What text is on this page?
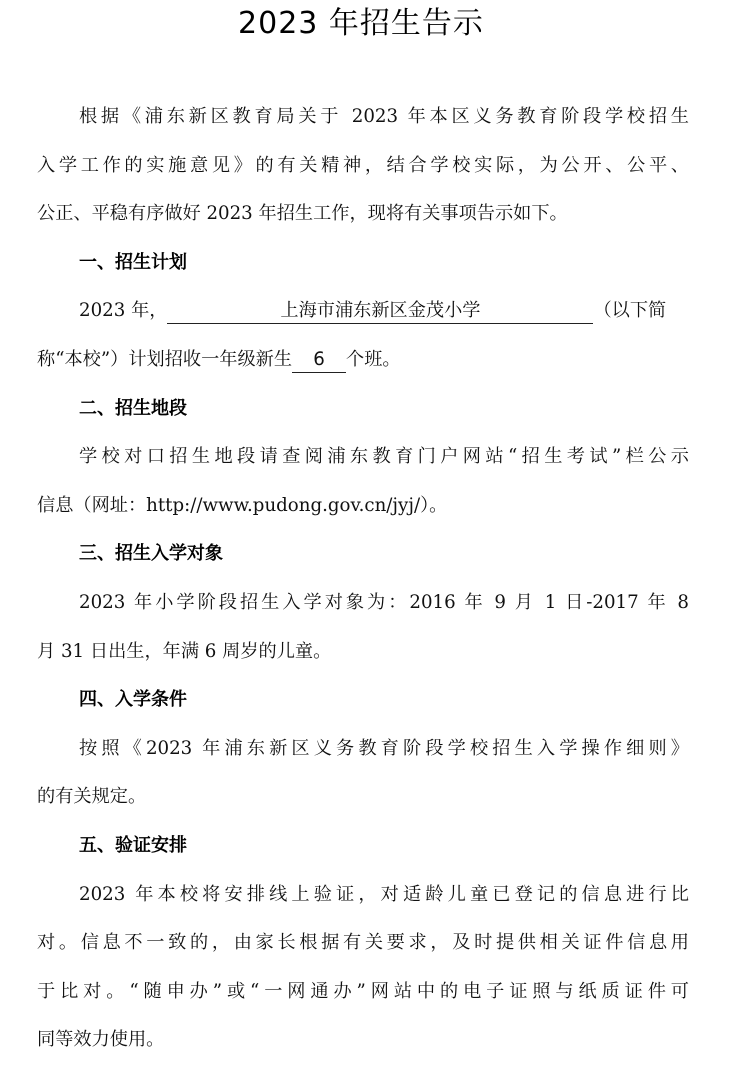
2023 年招生告示
根据《浦东新区教育局关于 2023 年本区义务教育阶段学校招生
入学工作的实施意见》的有关精神，结合学校实际，为公开、公平、
公正、平稳有序做好 2023 年招生工作，现将有关事项告示如下。
一、招生计划
2023 年，	上海市浦东新区金茂小学	（以下简
称“本校”）计划招收一年级新生 6 个班。
二、招生地段
学校对口招生地段请查阅浦东教育门户网站“招生考试”栏公示
信息（网址：http://www.pudong.gov.cn/jyj/）。
三、招生入学对象
2023 年小学阶段招生入学对象为：2016 年 9 月 1 日-2017 年 8
月 31 日出生，年满 6 周岁的儿童。
四、入学条件
按照《2023 年浦东新区义务教育阶段学校招生入学操作细则》
的有关规定。
五、验证安排
2023 年本校将安排线上验证，对适龄儿童已登记的信息进行比
对。信息不一致的，由家长根据有关要求，及时提供相关证件信息用
于比对。“随申办”或“一网通办”网站中的电子证照与纸质证件可
同等效力使用。
